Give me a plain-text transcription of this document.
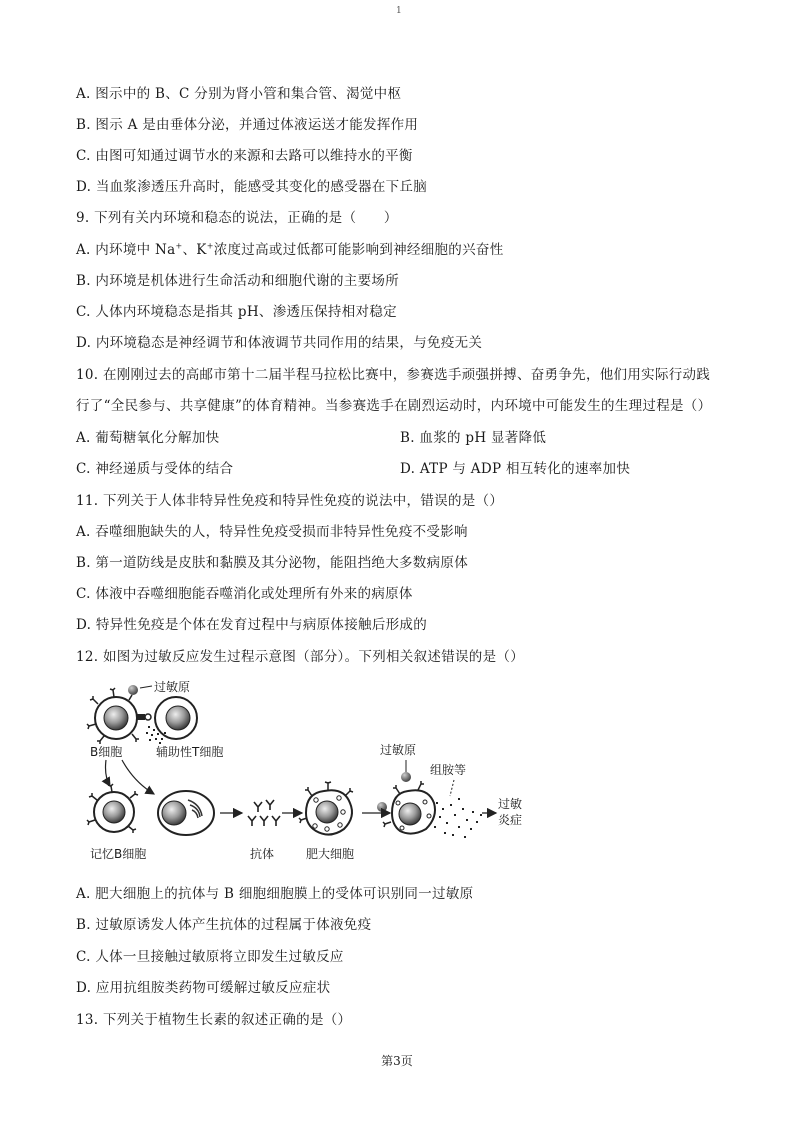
1
A. 图示中的 B、C 分别为肾小管和集合管、渴觉中枢
B. 图示 A 是由垂体分泌，并通过体液运送才能发挥作用
C. 由图可知通过调节水的来源和去路可以维持水的平衡
D. 当血浆渗透压升高时，能感受其变化的感受器在下丘脑
9. 下列有关内环境和稳态的说法，正确的是（　　）
A. 内环境中 Na+、K+浓度过高或过低都可能影响到神经细胞的兴奋性
B. 内环境是机体进行生命活动和细胞代谢的主要场所
C. 人体内环境稳态是指其 pH、渗透压保持相对稳定
D. 内环境稳态是神经调节和体液调节共同作用的结果，与免疫无关
10. 在刚刚过去的高邮市第十二届半程马拉松比赛中，参赛选手顽强拼搏、奋勇争先，他们用实际行动践
行了“全民参与、共享健康”的体育精神。当参赛选手在剧烈运动时，内环境中可能发生的生理过程是（）
A. 葡萄糖氧化分解加快	B. 血浆的 pH 显著降低
C. 神经递质与受体的结合	D. ATP 与 ADP 相互转化的速率加快
11. 下列关于人体非特异性免疫和特异性免疫的说法中，错误的是（）
A. 吞噬细胞缺失的人，特异性免疫受损而非特异性免疫不受影响
B. 第一道防线是皮肤和黏膜及其分泌物，能阻挡绝大多数病原体
C. 体液中吞噬细胞能吞噬消化或处理所有外来的病原体
D. 特异性免疫是个体在发育过程中与病原体接触后形成的
12. 如图为过敏反应发生过程示意图（部分）。下列相关叙述错误的是（）
过敏原
B细胞	辅助性T细胞
记忆B细胞	抗体	肥大细胞
过敏原
组胺等
过敏
炎症
A. 肥大细胞上的抗体与 B 细胞细胞膜上的受体可识别同一过敏原
B. 过敏原诱发人体产生抗体的过程属于体液免疫
C. 人体一旦接触过敏原将立即发生过敏反应
D. 应用抗组胺类药物可缓解过敏反应症状
13. 下列关于植物生长素的叙述正确的是（）
第3页
